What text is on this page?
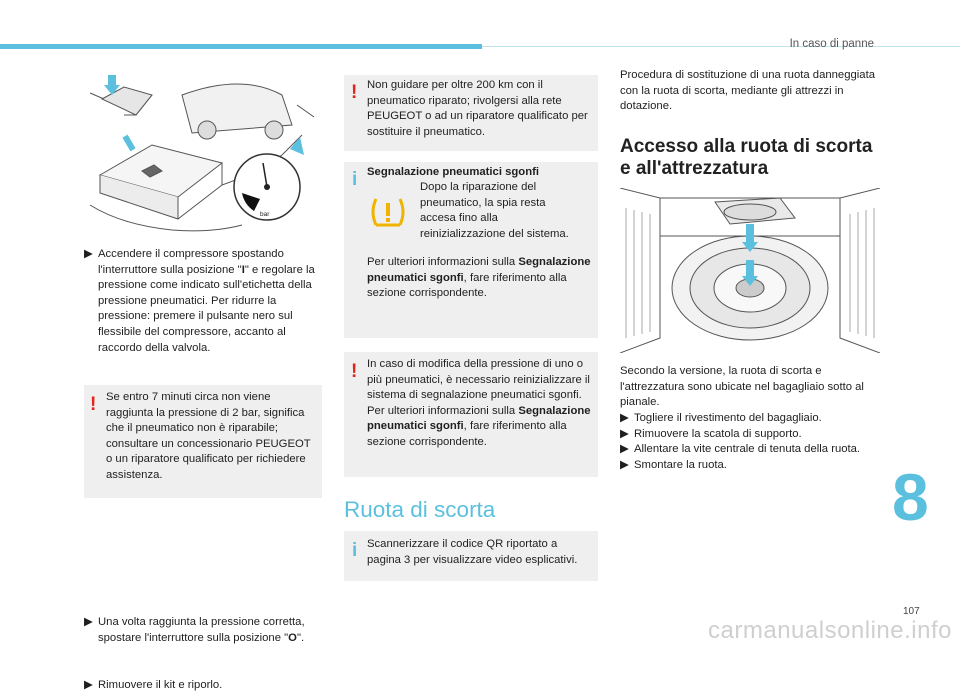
In caso di panne
bar
▶︎ Accendere il compressore spostando l'interruttore sulla posizione "I" e regolare la pressione come indicato sull'etichetta della pressione pneumatici. Per ridurre la pressione: premere il pulsante nero sul flessibile del compressore, accanto al raccordo della valvola.
! Se entro 7 minuti circa non viene raggiunta la pressione di 2 bar, significa che il pneumatico non è riparabile; consultare un concessionario PEUGEOT o un riparatore qualificato per richiedere assistenza.
▶︎ Una volta raggiunta la pressione corretta, spostare l'interruttore sulla posizione "O".
▶︎ Rimuovere il kit e riporlo.
! Non guidare per oltre 200 km con il pneumatico riparato; rivolgersi alla rete PEUGEOT o ad un riparatore qualificato per sostituire il pneumatico.
i Segnalazione pneumatici sgonfi
Dopo la riparazione del pneumatico, la spia resta accesa fino alla reinizializzazione del sistema.
Per ulteriori informazioni sulla Segnalazione pneumatici sgonfi, fare riferimento alla sezione corrispondente.
! In caso di modifica della pressione di uno o più pneumatici, è necessario reinizializzare il sistema di segnalazione pneumatici sgonfi.
Per ulteriori informazioni sulla Segnalazione pneumatici sgonfi, fare riferimento alla sezione corrispondente.
Ruota di scorta
i Scannerizzare il codice QR riportato a pagina 3 per visualizzare video esplicativi.
Procedura di sostituzione di una ruota danneggiata con la ruota di scorta, mediante gli attrezzi in dotazione.
Accesso alla ruota di scorta e all'attrezzatura
Secondo la versione, la ruota di scorta e l'attrezzatura sono ubicate nel bagagliaio sotto al pianale.
▶︎ Togliere il rivestimento del bagagliaio.
▶︎ Rimuovere la scatola di supporto.
▶︎ Allentare la vite centrale di tenuta della ruota.
▶︎ Smontare la ruota.	8
107
carmanualsonline.info
